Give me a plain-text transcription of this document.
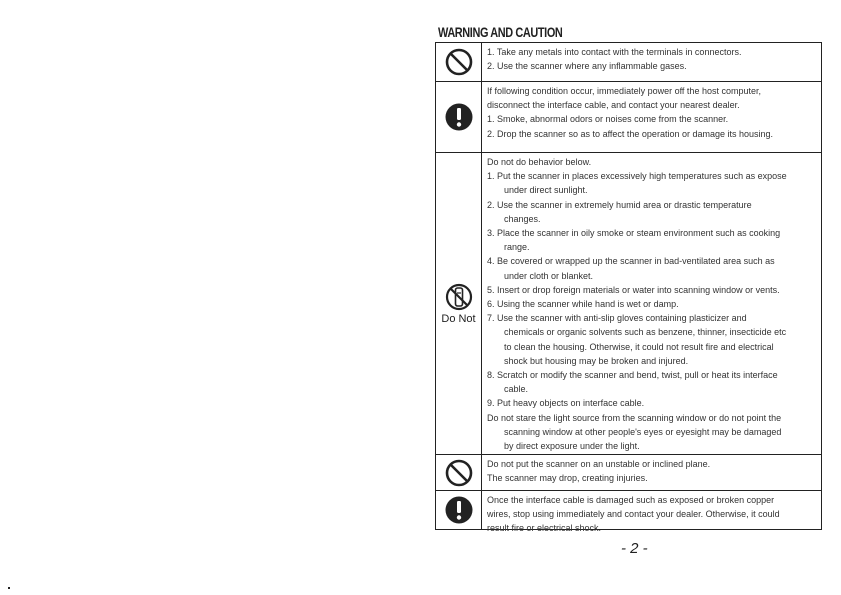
WARNING AND CAUTION
1. Take any metals into contact with the terminals in connectors.
2. Use the scanner where any inflammable gases.
If following condition occur, immediately power off the host computer,
disconnect the interface cable, and contact your nearest dealer.
1. Smoke, abnormal odors or noises come from the scanner.
2. Drop the scanner so as to affect the operation or damage its housing.
Do Not
Do not do behavior below.
1. Put the scanner in places excessively high temperatures such as expose
under direct sunlight.
2. Use the scanner in extremely humid area or drastic temperature
changes.
3. Place the scanner in oily smoke or steam environment such as cooking
range.
4. Be covered or wrapped up the scanner in bad-ventilated area such as
under cloth or blanket.
5. Insert or drop foreign materials or water into scanning window or vents.
6. Using the scanner while hand is wet or damp.
7. Use the scanner with anti-slip gloves containing plasticizer and
chemicals or organic solvents such as benzene, thinner, insecticide etc
to clean the housing. Otherwise, it could not result fire and electrical
shock but housing may be broken and injured.
8. Scratch or modify the scanner and bend, twist, pull or heat its interface
cable.
9. Put heavy objects on interface cable.
Do not stare the light source from the scanning window or do not point the
scanning window at other people's eyes or eyesight may be damaged
by direct exposure under the light.
Do not put the scanner on an unstable or inclined plane.
The scanner may drop, creating injuries.
Once the interface cable is damaged such as exposed or broken copper
wires, stop using immediately and contact your dealer. Otherwise, it could
result fire or electrical shock.
- 2 -
